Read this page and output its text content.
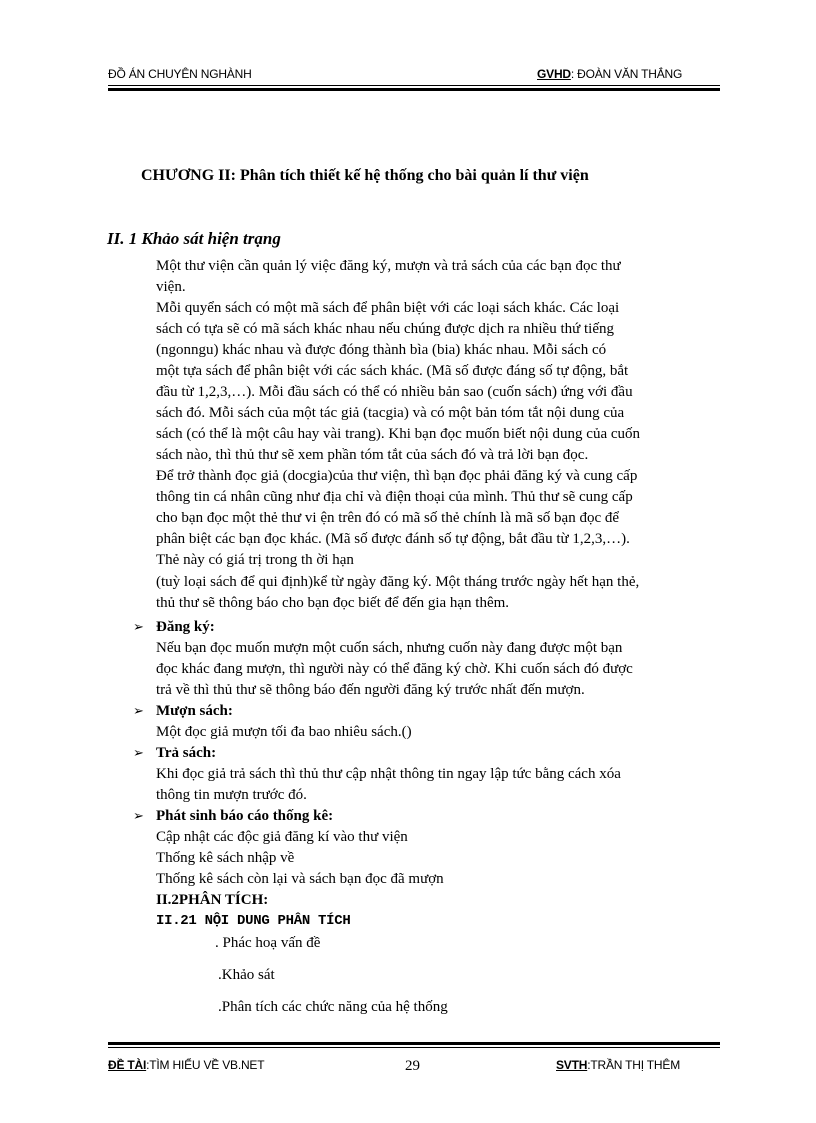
ĐỒ ÁN CHUYÊN NGHÀNH	GVHD: ĐOÀN VĂN THẮNG
CHƯƠNG II: Phân tích thiết kế hệ thống cho bài quản lí thư viện
II. 1 Khảo sát hiện trạng
Một thư viện cần quản lý việc đăng ký, mượn và trả sách của các bạn đọc thư
viện.
Mỗi quyển sách có một mã sách để phân biệt với các loại sách khác. Các loại
sách có tựa sẽ có mã sách khác nhau nếu chúng được dịch ra nhiều thứ tiếng
(ngonngu) khác nhau và được đóng thành bìa (bia) khác nhau. Mỗi sách có
một tựa sách để phân biệt với các sách khác. (Mã số được đáng số tự động, bắt
đầu từ 1,2,3,…). Mỗi đầu sách có thể có nhiều bản sao (cuốn sách) ứng với đầu
sách đó. Mỗi sách của một tác giả (tacgia) và có một bản tóm tắt nội dung của
sách (có thể là một câu hay vài trang). Khi bạn đọc muốn biết nội dung của cuốn
sách nào, thì thủ thư sẽ xem phần tóm tắt của sách đó và trả lời bạn đọc.
Để trở thành đọc giả (docgia)của thư viện, thì bạn đọc phải đăng ký và cung cấp
thông tin cá nhân cũng như địa chỉ và điện thoại của mình. Thủ thư sẽ cung cấp
cho bạn đọc một thẻ thư vi ện trên đó có mã số thẻ chính là mã số bạn đọc để
phân biệt các bạn đọc khác. (Mã số được đánh số tự động, bắt đầu từ 1,2,3,…).
Thẻ này có giá trị trong th ời hạn
(tuỳ loại sách để qui định)kể từ ngày đăng ký. Một tháng trước ngày hết hạn thẻ,
thủ thư sẽ thông báo cho bạn đọc biết để đến gia hạn thêm.
➢ Đăng ký:
Nếu bạn đọc muốn mượn một cuốn sách, nhưng cuốn này đang được một bạn
đọc khác đang mượn, thì người này có thể đăng ký chờ. Khi cuốn sách đó được
trả về thì thủ thư sẽ thông báo đến người đăng ký trước nhất đến mượn.
➢ Mượn sách:
Một đọc giả mượn tối đa bao nhiêu sách.()
➢ Trả sách:
Khi đọc giả trả sách thì thủ thư cập nhật thông tin ngay lập tức bằng cách xóa
thông tin mượn trước đó.
➢ Phát sinh báo cáo thống kê:
Cập nhật các độc giả đăng kí vào thư viện
Thống kê sách nhập về
Thống kê sách còn lại và sách bạn đọc đã mượn
II.2PHÂN TÍCH:
II.21 NỘI DUNG PHÂN TÍCH
. Phác hoạ vấn đề
.Khảo sát
.Phân tích các chức năng của hệ thống
ĐỀ TÀI:TÌM HIỂU VỀ VB.NET	29	SVTH:TRẦN THỊ THÊM
